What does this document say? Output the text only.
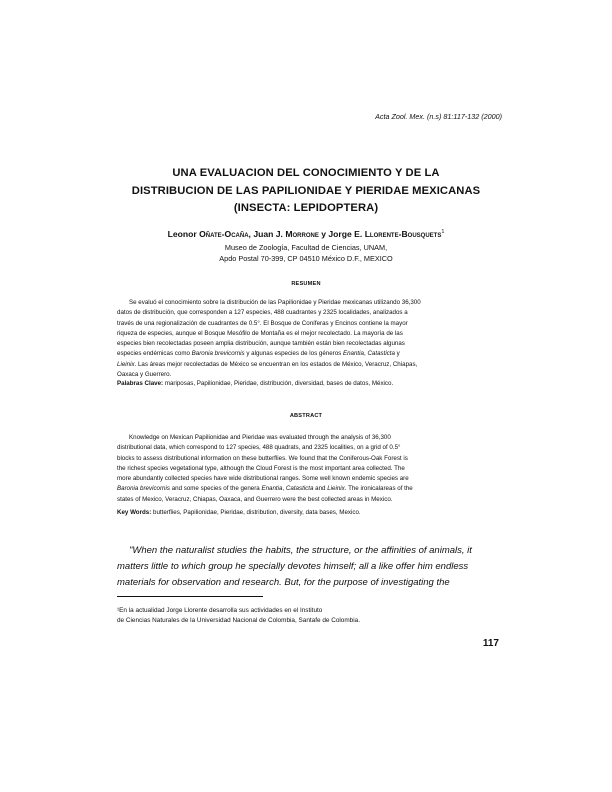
Acta Zool. Mex. (n.s) 81:117-132 (2000)
UNA EVALUACION DEL CONOCIMIENTO Y DE LA
DISTRIBUCION DE LAS PAPILIONIDAE Y PIERIDAE MEXICANAS
(INSECTA: LEPIDOPTERA)
Leonor Oñate-Ocaña, Juan J. Morrone y Jorge E. Llorente-Bousquets$^1$
Museo de Zoología, Facultad de Ciencias, UNAM,
Apdo Postal 70-399, CP 04510 México D.F., MEXICO
RESUMEN
Se evaluó el conocimiento sobre la distribución de las Papilionidae y Pieridae mexicanas utilizando 36,300
datos de distribución, que corresponden a 127 especies, 488 cuadrantes y 2325 localidades, analizados a
través de una regionalización de cuadrantes de 0.5°. El Bosque de Coníferas y Encinos contiene la mayor
riqueza de especies, aunque el Bosque Mesófilo de Montaña es el mejor recolectado. La mayoría de las
especies bien recolectadas poseen amplia distribución, aunque también están bien recolectadas algunas
especies endémicas como Baronia brevicornis y algunas especies de los géneros Enantia, Catasticta y
Lieinix. Las áreas mejor recolectadas de México se encuentran en los estados de México, Veracruz, Chiapas,
Oaxaca y Guerrero.
Palabras Clave: mariposas, Papilionidae, Pieridae, distribución, diversidad, bases de datos, México.
ABSTRACT
Knowledge on Mexican Papilionidae and Pieridae was evaluated through the analysis of 36,300
distributional data, which correspond to 127 species, 488 quadrats, and 2325 localities, on a grid of 0.5°
blocks to assess distributional information on these butterflies. We found that the Coniferous-Oak Forest is
the richest species vegetational type, although the Cloud Forest is the most important area collected. The
more abundantly collected species have wide distributional ranges. Some well known endemic species are
Baronia brevicornis and some species of the genera Enantia, Catasticta and Lieinix. The ironicalareas of the
states of Mexico, Veracruz, Chiapas, Oaxaca, and Guerrero were the best collected areas in Mexico.
Key Words: butterflies, Papilionidae, Pieridae, distribution, diversity, data bases, Mexico.
"When the naturalist studies the habits, the structure, or the affinities of animals, it
matters little to which group he specially devotes himself; all a like offer him endless
materials for observation and research. But, for the purpose of investigating the
¹En la actualidad Jorge Llorente desarrolla sus actividades en el Instituto
de Ciencias Naturales de la Universidad Nacional de Colombia, Santafe de Colombia.
117
